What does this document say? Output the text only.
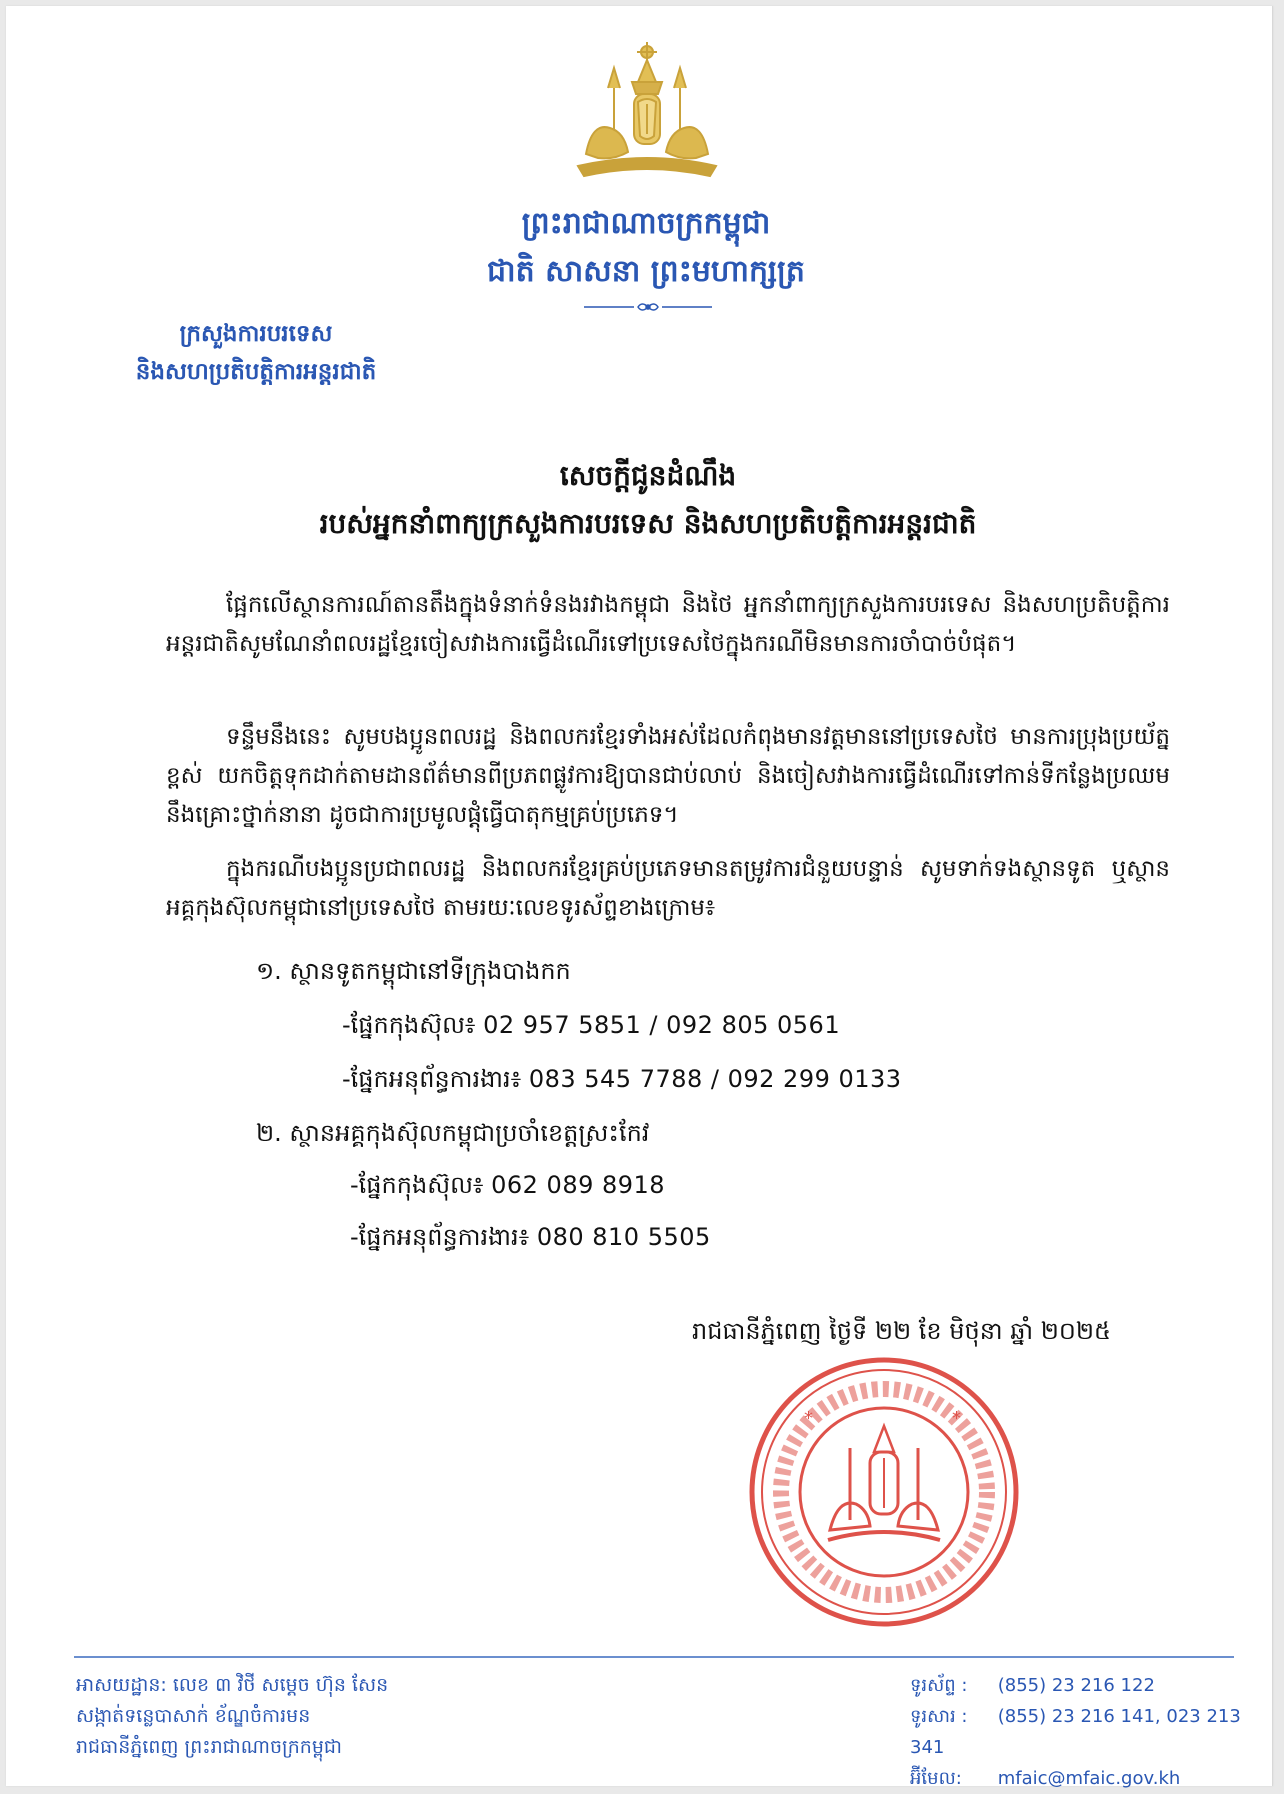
ព្រះរាជាណាចក្រកម្ពុជា
ជាតិ សាសនា ព្រះមហាក្សត្រ
ក្រសួងការបរទេស
និងសហប្រតិបត្តិការអន្តរជាតិ
សេចក្តីជូនដំណឹង
របស់អ្នកនាំពាក្យក្រសួងការបរទេស និងសហប្រតិបត្តិការអន្តរជាតិ
ផ្អែកលើស្ថានការណ៍តានតឹងក្នុងទំនាក់ទំនងរវាងកម្ពុជា និងថៃ អ្នកនាំពាក្យក្រសួងការបរទេស និងសហប្រតិបត្តិការអន្តរជាតិសូមណែនាំពលរដ្ឋខ្មែរចៀសវាងការធ្វើដំណើរទៅប្រទេសថៃក្នុងករណីមិនមានការចាំបាច់បំផុត។
ទន្ទឹមនឹងនេះ សូមបងប្អូនពលរដ្ឋ និងពលករខ្មែរទាំងអស់ដែលកំពុងមានវត្តមាននៅប្រទេសថៃ មានការប្រុងប្រយ័ត្នខ្ពស់ យកចិត្តទុកដាក់តាមដានព័ត៌មានពីប្រភពផ្លូវការឱ្យបានជាប់លាប់ និងចៀសវាងការធ្វើដំណើរទៅកាន់ទីកន្លែងប្រឈមនឹងគ្រោះថ្នាក់នានា ដូចជាការប្រមូលផ្តុំធ្វើបាតុកម្មគ្រប់ប្រភេទ។
ក្នុងករណីបងប្អូនប្រជាពលរដ្ឋ និងពលករខ្មែរគ្រប់ប្រភេទមានតម្រូវការជំនួយបន្ទាន់ សូមទាក់ទងស្ថានទូត ឬស្ថានអគ្គកុងស៊ុលកម្ពុជានៅប្រទេសថៃ តាមរយៈលេខទូរស័ព្ទខាងក្រោម៖
១. ស្ថានទូតកម្ពុជានៅទីក្រុងបាងកក
-ផ្នែកកុងស៊ុល៖ 02 957 5851 / 092 805 0561
-ផ្នែកអនុព័ន្ធការងារ៖ 083 545 7788 / 092 299 0133
២. ស្ថានអគ្គកុងស៊ុលកម្ពុជាប្រចាំខេត្តស្រះកែវ
-ផ្នែកកុងស៊ុល៖ 062 089 8918
-ផ្នែកអនុព័ន្ធការងារ៖ 080 810 5505
រាជធានីភ្នំពេញ ថ្ងៃទី ២២ ខែ មិថុនា ឆ្នាំ ២០២៥
*	*
អាសយដ្ឋាន: លេខ ៣ វិថី សម្តេច ហ៊ុន សែន
សង្កាត់ទន្លេបាសាក់ ខ័ណ្ឌចំការមន
រាជធានីភ្នំពេញ ព្រះរាជាណាចក្រកម្ពុជា
ទូរស័ព្ទ : (855) 23 216 122
ទូរសារ : (855) 23 216 141, 023 213 341
អ៊ីមែល: mfaic@mfaic.gov.kh
